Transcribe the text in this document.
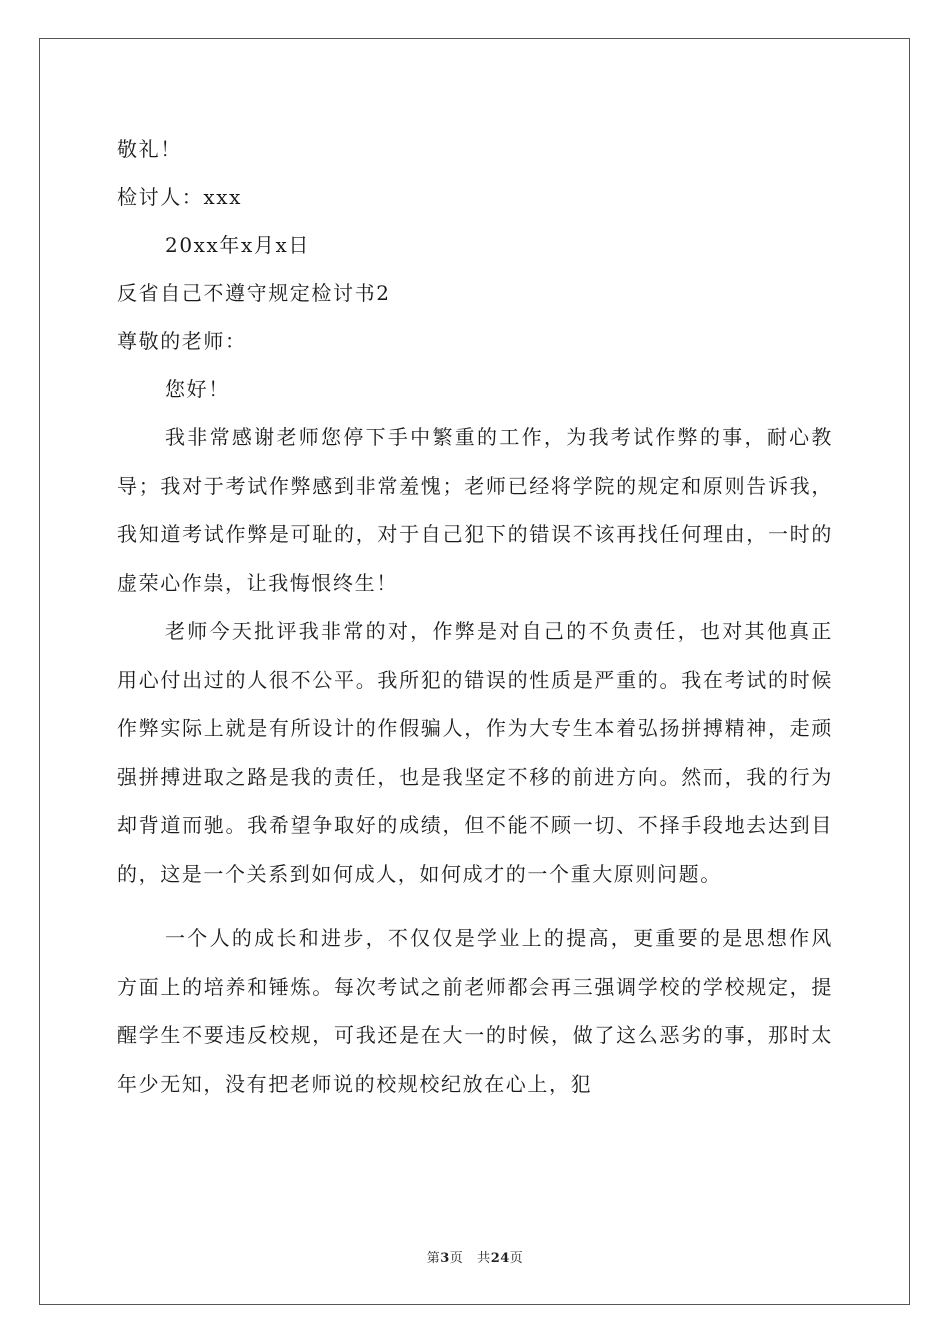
敬礼！
检讨人：xxx
20xx年x月x日
反省自己不遵守规定检讨书2
尊敬的老师：
您好！

我非常感谢老师您停下手中繁重的工作，为我考试作弊的事，耐心教导；我对于考试作弊感到非常羞愧；老师已经将学院的规定和原则告诉我，我知道考试作弊是可耻的，对于自己犯下的错误不该再找任何理由，一时的虚荣心作祟，让我悔恨终生！

老师今天批评我非常的对，作弊是对自己的不负责任，也对其他真正用心付出过的人很不公平。我所犯的错误的性质是严重的。我在考试的时候作弊实际上就是有所设计的作假骗人，作为大专生本着弘扬拼搏精神，走顽强拼搏进取之路是我的责任，也是我坚定不移的前进方向。然而，我的行为却背道而驰。我希望争取好的成绩，但不能不顾一切、不择手段地去达到目的，这是一个关系到如何成人，如何成才的一个重大原则问题。

一个人的成长和进步，不仅仅是学业上的提高，更重要的是思想作风方面上的培养和锤炼。每次考试之前老师都会再三强调学校的学校规定，提醒学生不要违反校规，可我还是在大一的时候，做了这么恶劣的事，那时太年少无知，没有把老师说的校规校纪放在心上，犯

第3页 共24页
